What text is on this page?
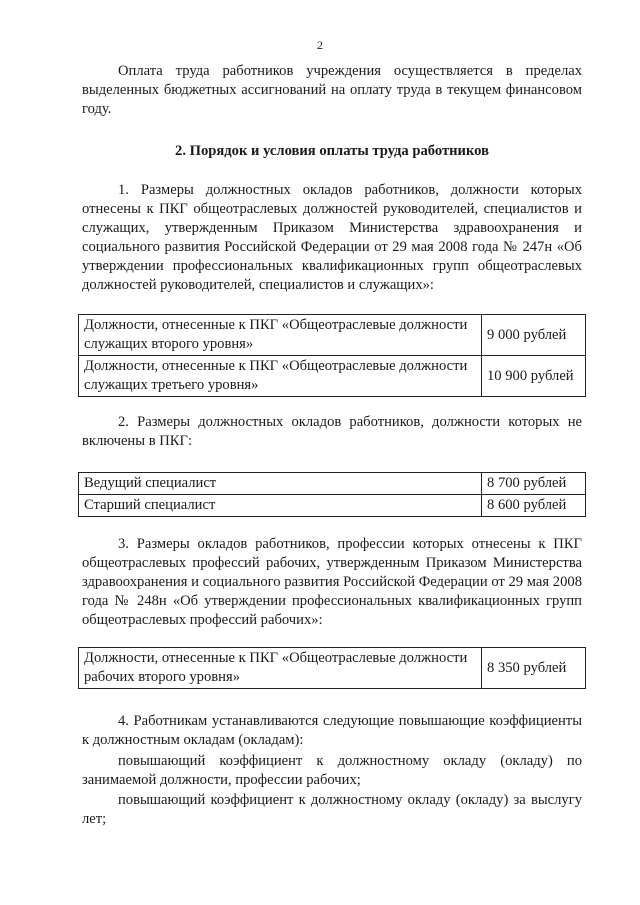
2
Оплата труда работников учреждения осуществляется в пределах выделенных бюджетных ассигнований на оплату труда в текущем финансовом году.
2. Порядок и условия оплаты труда работников
1. Размеры должностных окладов работников, должности которых отнесены к ПКГ общеотраслевых должностей руководителей, специалистов и служащих, утвержденным Приказом Министерства здравоохранения и социального развития Российской Федерации от 29 мая 2008 года № 247н «Об утверждении профессиональных квалификационных групп общеотраслевых должностей руководителей, специалистов и служащих»:
Должности, отнесенные к ПКГ «Общеотраслевые должности служащих второго уровня»	9 000 рублей
Должности, отнесенные к ПКГ «Общеотраслевые должности служащих третьего уровня»	10 900 рублей
2. Размеры должностных окладов работников, должности которых не включены в ПКГ:
Ведущий специалист	8 700 рублей
Старший специалист	8 600 рублей
3. Размеры окладов работников, профессии которых отнесены к ПКГ общеотраслевых профессий рабочих, утвержденным Приказом Министерства здравоохранения и социального развития Российской Федерации от 29 мая 2008 года № 248н «Об утверждении профессиональных квалификационных групп общеотраслевых профессий рабочих»:
Должности, отнесенные к ПКГ «Общеотраслевые должности рабочих второго уровня»	8 350 рублей
4. Работникам устанавливаются следующие повышающие коэффициенты к должностным окладам (окладам):
повышающий коэффициент к должностному окладу (окладу) по занимаемой должности, профессии рабочих;
повышающий коэффициент к должностному окладу (окладу) за выслугу лет;
